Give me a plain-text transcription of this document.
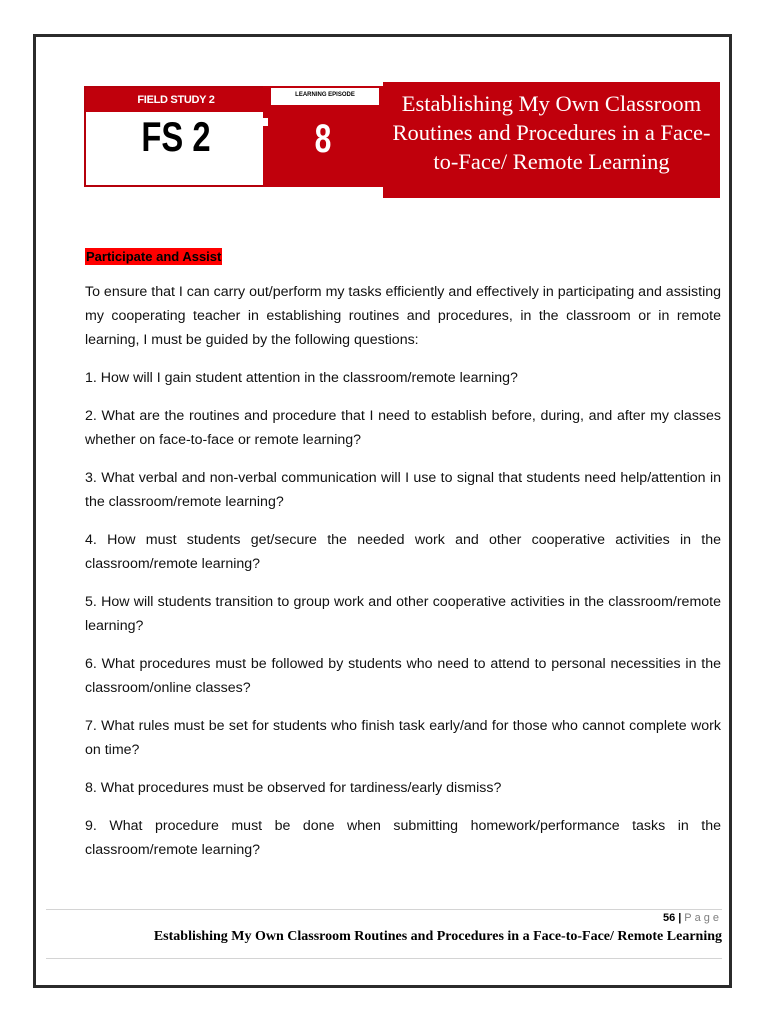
FIELD STUDY 2
FS 2
LEARNING EPISODE
8
Establishing My Own Classroom Routines and Procedures in a Face-to-Face/ Remote Learning
Participate and Assist

To ensure that I can carry out/perform my tasks efficiently and effectively in participating and assisting my cooperating teacher in establishing routines and procedures, in the classroom or in remote learning, I must be guided by the following questions:

1. How will I gain student attention in the classroom/remote learning?

2. What are the routines and procedure that I need to establish before, during, and after my classes whether on face-to-face or remote learning?

3. What verbal and non-verbal communication will I use to signal that students need help/attention in the classroom/remote learning?

4. How must students get/secure the needed work and other cooperative activities in the classroom/remote learning?

5. How will students transition to group work and other cooperative activities in the classroom/remote learning?

6. What procedures must be followed by students who need to attend to personal necessities in the classroom/online classes?

7. What rules must be set for students who finish task early/and for those who cannot complete work on time?

8. What procedures must be observed for tardiness/early dismiss?

9. What procedure must be done when submitting homework/performance tasks in the classroom/remote learning?

56 | Page
Establishing My Own Classroom Routines and Procedures in a Face-to-Face/ Remote Learning
